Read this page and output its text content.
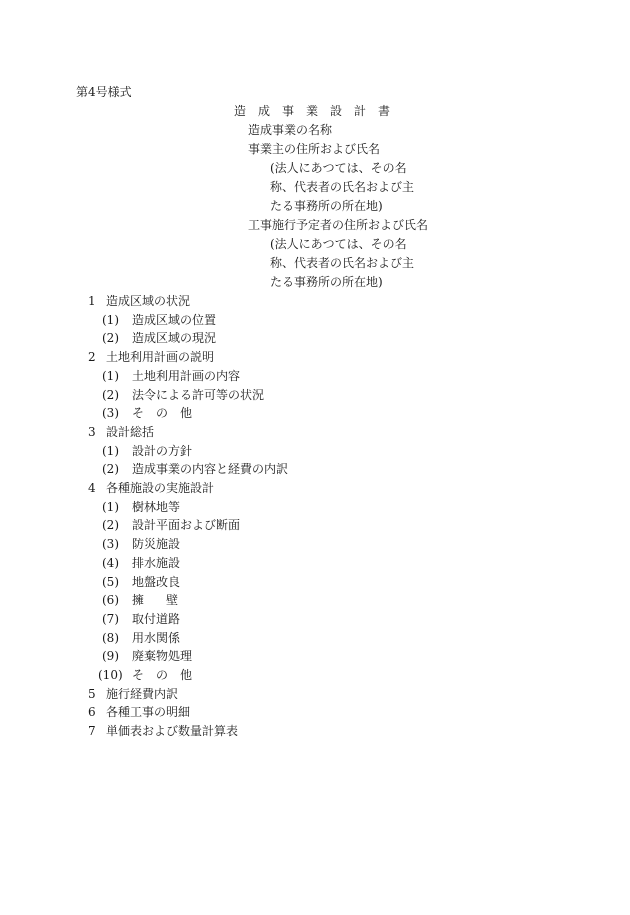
第4号様式
造成事業設計書
造成事業の名称
事業主の住所および氏名
(法人にあつては、その名
称、代表者の氏名および主
たる事務所の所在地)
工事施行予定者の住所および氏名
(法人にあつては、その名
称、代表者の氏名および主
たる事務所の所在地)
1 造成区域の状況
(1) 造成区域の位置
(2) 造成区域の現況
2 土地利用計画の説明
(1) 土地利用計画の内容
(2) 法令による許可等の状況
(3) その他
3 設計総括
(1) 設計の方針
(2) 造成事業の内容と経費の内訳
4 各種施設の実施設計
(1) 樹林地等
(2) 設計平面および断面
(3) 防災施設
(4) 排水施設
(5) 地盤改良
(6) 擁壁
(7) 取付道路
(8) 用水関係
(9) 廃棄物処理
(10) その他
5 施行経費内訳
6 各種工事の明細
7 単価表および数量計算表
